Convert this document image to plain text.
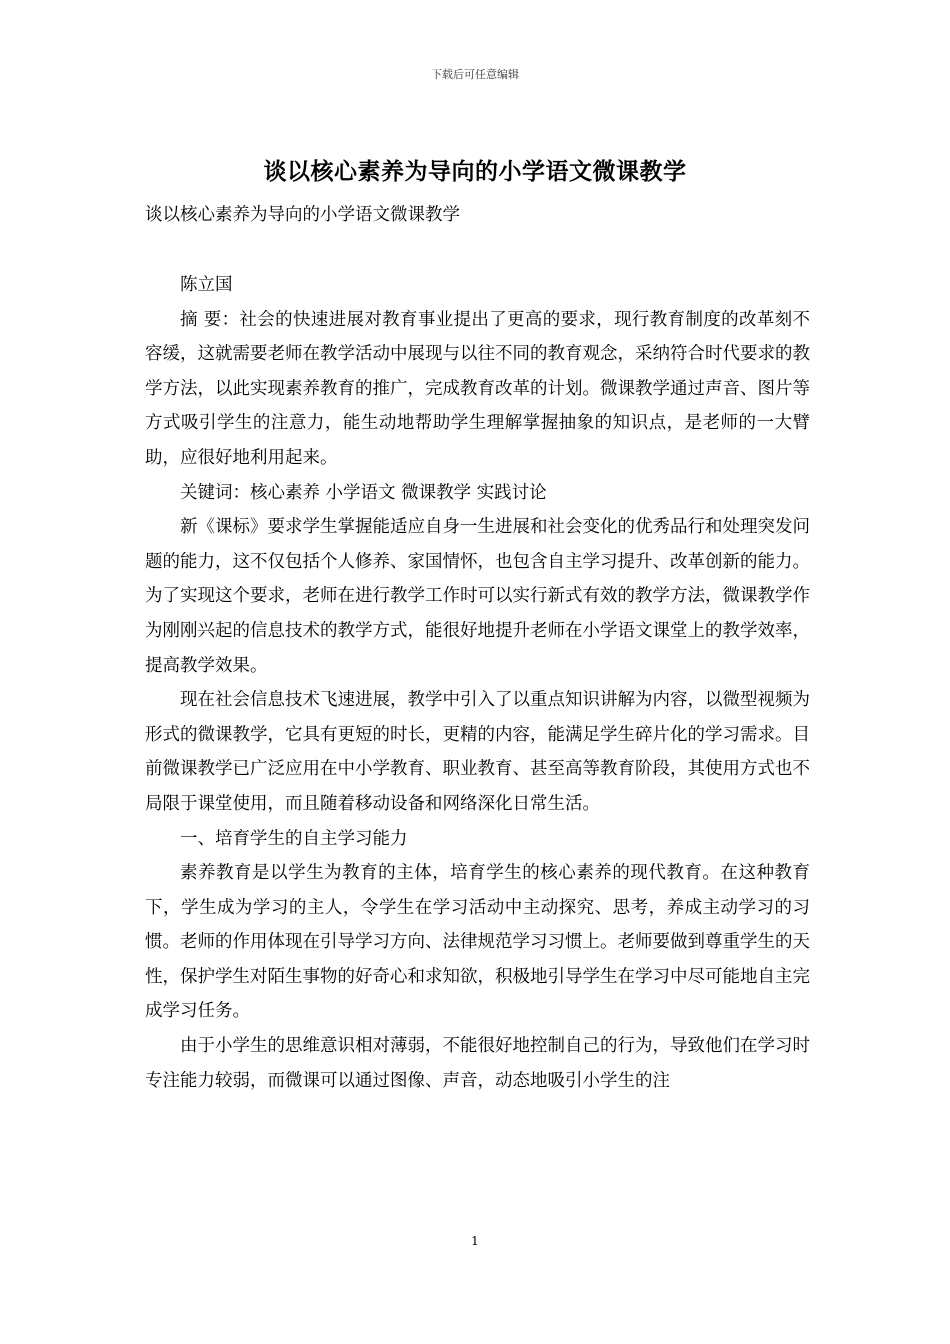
下载后可任意编辑
谈以核心素养为导向的小学语文微课教学
谈以核心素养为导向的小学语文微课教学

陈立国

摘 要：社会的快速进展对教育事业提出了更高的要求，现行教育制度的改革刻不容缓，这就需要老师在教学活动中展现与以往不同的教育观念，采纳符合时代要求的教学方法，以此实现素养教育的推广，完成教育改革的计划。微课教学通过声音、图片等方式吸引学生的注意力，能生动地帮助学生理解掌握抽象的知识点，是老师的一大臂助，应很好地利用起来。

关键词：核心素养 小学语文 微课教学 实践讨论

新《课标》要求学生掌握能适应自身一生进展和社会变化的优秀品行和处理突发问题的能力，这不仅包括个人修养、家国情怀，也包含自主学习提升、改革创新的能力。为了实现这个要求，老师在进行教学工作时可以实行新式有效的教学方法，微课教学作为刚刚兴起的信息技术的教学方式，能很好地提升老师在小学语文课堂上的教学效率，提高教学效果。

现在社会信息技术飞速进展，教学中引入了以重点知识讲解为内容，以微型视频为形式的微课教学，它具有更短的时长，更精的内容，能满足学生碎片化的学习需求。目前微课教学已广泛应用在中小学教育、职业教育、甚至高等教育阶段，其使用方式也不局限于课堂使用，而且随着移动设备和网络深化日常生活。

一、培育学生的自主学习能力

素养教育是以学生为教育的主体，培育学生的核心素养的现代教育。在这种教育下，学生成为学习的主人，令学生在学习活动中主动探究、思考，养成主动学习的习惯。老师的作用体现在引导学习方向、法律规范学习习惯上。老师要做到尊重学生的天性，保护学生对陌生事物的好奇心和求知欲，积极地引导学生在学习中尽可能地自主完成学习任务。

由于小学生的思维意识相对薄弱，不能很好地控制自己的行为，导致他们在学习时专注能力较弱，而微课可以通过图像、声音，动态地吸引小学生的注

1
